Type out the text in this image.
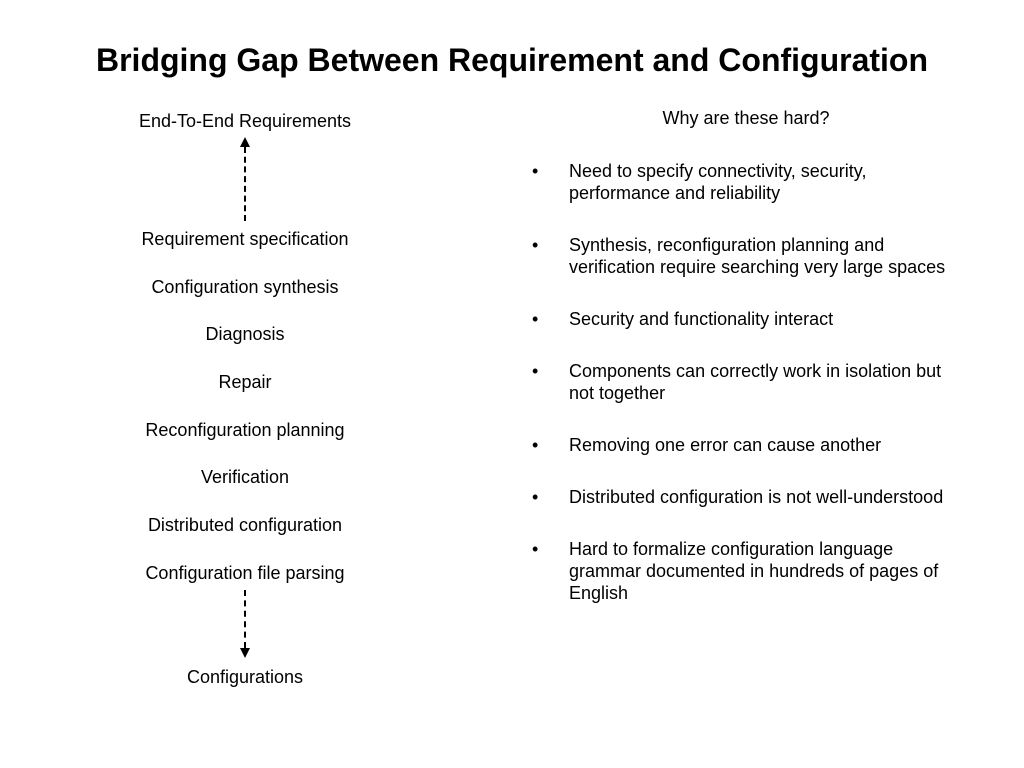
Bridging Gap Between Requirement and Configuration
End-To-End Requirements
Requirement specification
Configuration synthesis
Diagnosis
Repair
Reconfiguration planning
Verification
Distributed configuration
Configuration file parsing
Configurations
Why are these hard?
• Need to specify connectivity, security, performance and reliability
• Synthesis, reconfiguration planning and verification require searching very large spaces
• Security and functionality interact
• Components can correctly work in isolation but not together
• Removing one error can cause another
• Distributed configuration is not well-understood
• Hard to formalize configuration language grammar documented in hundreds of pages of English
